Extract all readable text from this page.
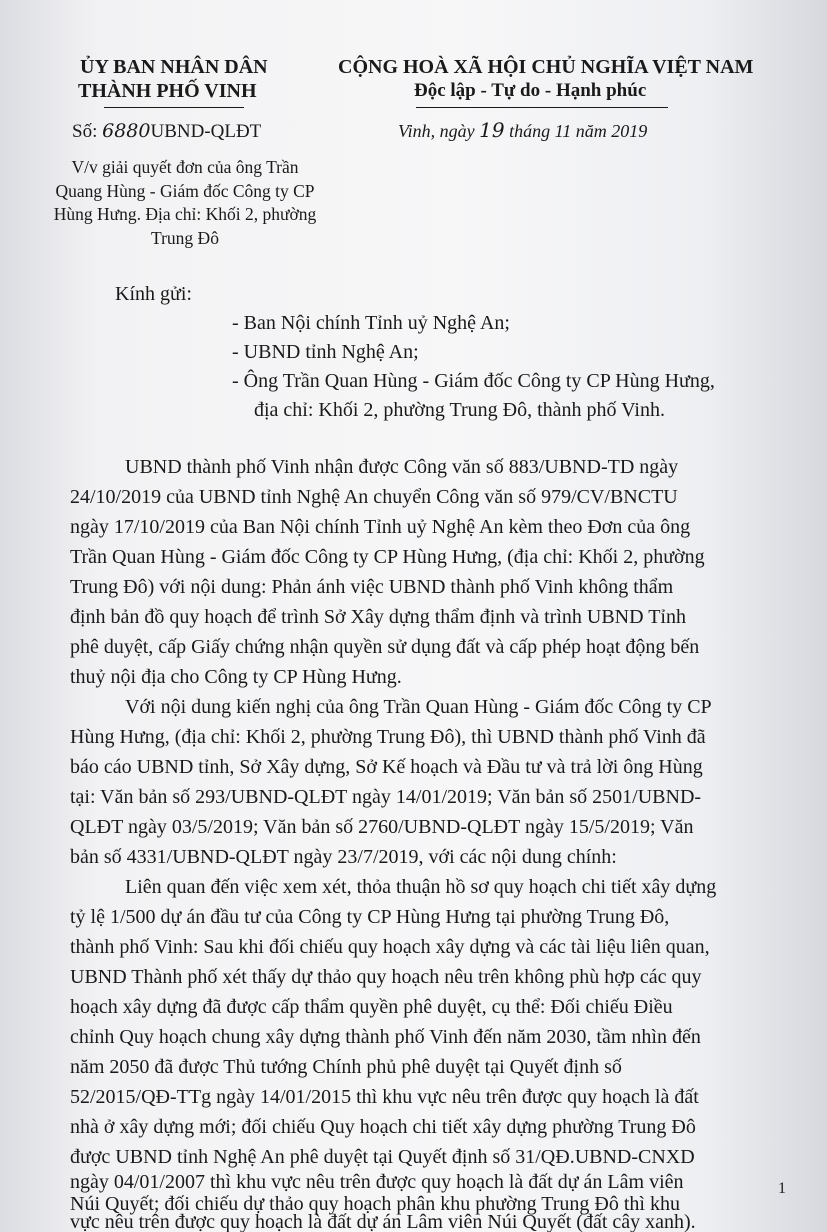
ỦY BAN NHÂN DÂN
THÀNH PHỐ VINH
Số: 6880UBND-QLĐT
CỘNG HOÀ XÃ HỘI CHỦ NGHĨA VIỆT NAM
Độc lập - Tự do - Hạnh phúc
Vinh, ngày 19 tháng 11 năm 2019
V/v giải quyết đơn của ông Trần
Quang Hùng - Giám đốc Công ty CP
Hùng Hưng. Địa chỉ: Khối 2, phường
Trung Đô
Kính gửi:
- Ban Nội chính Tỉnh uỷ Nghệ An;
- UBND tỉnh Nghệ An;
- Ông Trần Quan Hùng - Giám đốc Công ty CP Hùng Hưng,
địa chỉ: Khối 2, phường Trung Đô, thành phố Vinh.
UBND thành phố Vinh nhận được Công văn số 883/UBND-TD ngày
24/10/2019 của UBND tỉnh Nghệ An chuyển Công văn số 979/CV/BNCTU
ngày 17/10/2019 của Ban Nội chính Tỉnh uỷ Nghệ An kèm theo Đơn của ông
Trần Quan Hùng - Giám đốc Công ty CP Hùng Hưng, (địa chỉ: Khối 2, phường
Trung Đô) với nội dung: Phản ánh việc UBND thành phố Vinh không thẩm
định bản đồ quy hoạch để trình Sở Xây dựng thẩm định và trình UBND Tỉnh
phê duyệt, cấp Giấy chứng nhận quyền sử dụng đất và cấp phép hoạt động bến
thuỷ nội địa cho Công ty CP Hùng Hưng.
Với nội dung kiến nghị của ông Trần Quan Hùng - Giám đốc Công ty CP
Hùng Hưng, (địa chỉ: Khối 2, phường Trung Đô), thì UBND thành phố Vinh đã
báo cáo UBND tỉnh, Sở Xây dựng, Sở Kế hoạch và Đầu tư và trả lời ông Hùng
tại: Văn bản số 293/UBND-QLĐT ngày 14/01/2019; Văn bản số 2501/UBND-
QLĐT ngày 03/5/2019; Văn bản số 2760/UBND-QLĐT ngày 15/5/2019; Văn
bản số 4331/UBND-QLĐT ngày 23/7/2019, với các nội dung chính:
Liên quan đến việc xem xét, thỏa thuận hồ sơ quy hoạch chi tiết xây dựng
tỷ lệ 1/500 dự án đầu tư của Công ty CP Hùng Hưng tại phường Trung Đô,
thành phố Vinh: Sau khi đối chiếu quy hoạch xây dựng và các tài liệu liên quan,
UBND Thành phố xét thấy dự thảo quy hoạch nêu trên không phù hợp các quy
hoạch xây dựng đã được cấp thẩm quyền phê duyệt, cụ thể: Đối chiếu Điều
chỉnh Quy hoạch chung xây dựng thành phố Vinh đến năm 2030, tầm nhìn đến
năm 2050 đã được Thủ tướng Chính phủ phê duyệt tại Quyết định số
52/2015/QĐ-TTg ngày 14/01/2015 thì khu vực nêu trên được quy hoạch là đất
nhà ở xây dựng mới; đối chiếu Quy hoạch chi tiết xây dựng phường Trung Đô
được UBND tỉnh Nghệ An phê duyệt tại Quyết định số 31/QĐ.UBND-CNXD
ngày 04/01/2007 thì khu vực nêu trên được quy hoạch là đất dự án Lâm viên
Núi Quyết; đối chiếu dự thảo quy hoạch phân khu phường Trung Đô thì khu
vực nêu trên được quy hoạch là đất dự án Lâm viên Núi Quyết (đất cây xanh).
1
